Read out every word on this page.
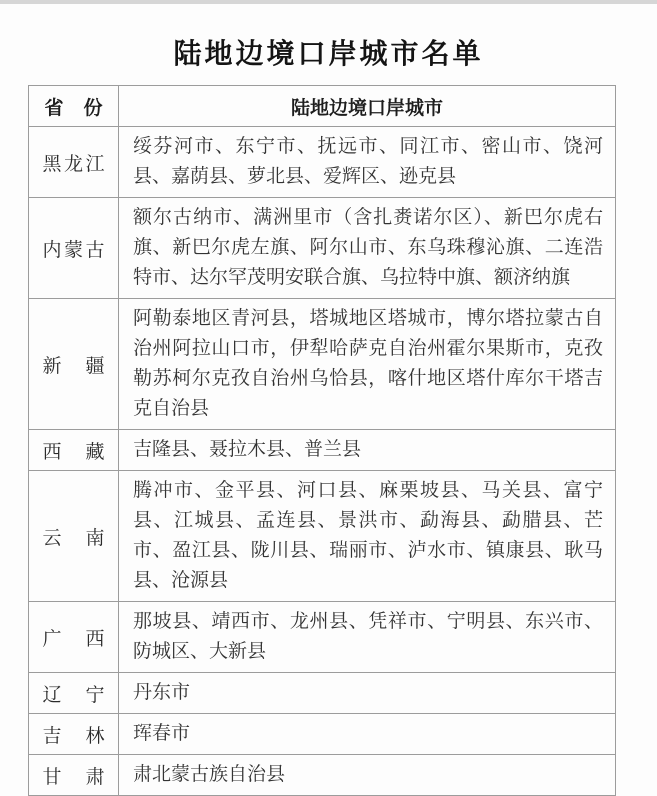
陆地边境口岸城市名单
省份	陆地边境口岸城市
黑龙江	绥芬河市、东宁市、抚远市、同江市、密山市、饶河县、嘉荫县、萝北县、爱辉区、逊克县
内蒙古	额尔古纳市、满洲里市（含扎赉诺尔区）、新巴尔虎右旗、新巴尔虎左旗、阿尔山市、东乌珠穆沁旗、二连浩特市、达尔罕茂明安联合旗、乌拉特中旗、额济纳旗
新疆	阿勒泰地区青河县，塔城地区塔城市，博尔塔拉蒙古自治州阿拉山口市，伊犁哈萨克自治州霍尔果斯市，克孜勒苏柯尔克孜自治州乌恰县，喀什地区塔什库尔干塔吉克自治县
西藏	吉隆县、聂拉木县、普兰县
云南	腾冲市、金平县、河口县、麻栗坡县、马关县、富宁县、江城县、孟连县、景洪市、勐海县、勐腊县、芒市、盈江县、陇川县、瑞丽市、泸水市、镇康县、耿马县、沧源县
广西	那坡县、靖西市、龙州县、凭祥市、宁明县、东兴市、防城区、大新县
辽宁	丹东市
吉林	珲春市
甘肃	肃北蒙古族自治县
